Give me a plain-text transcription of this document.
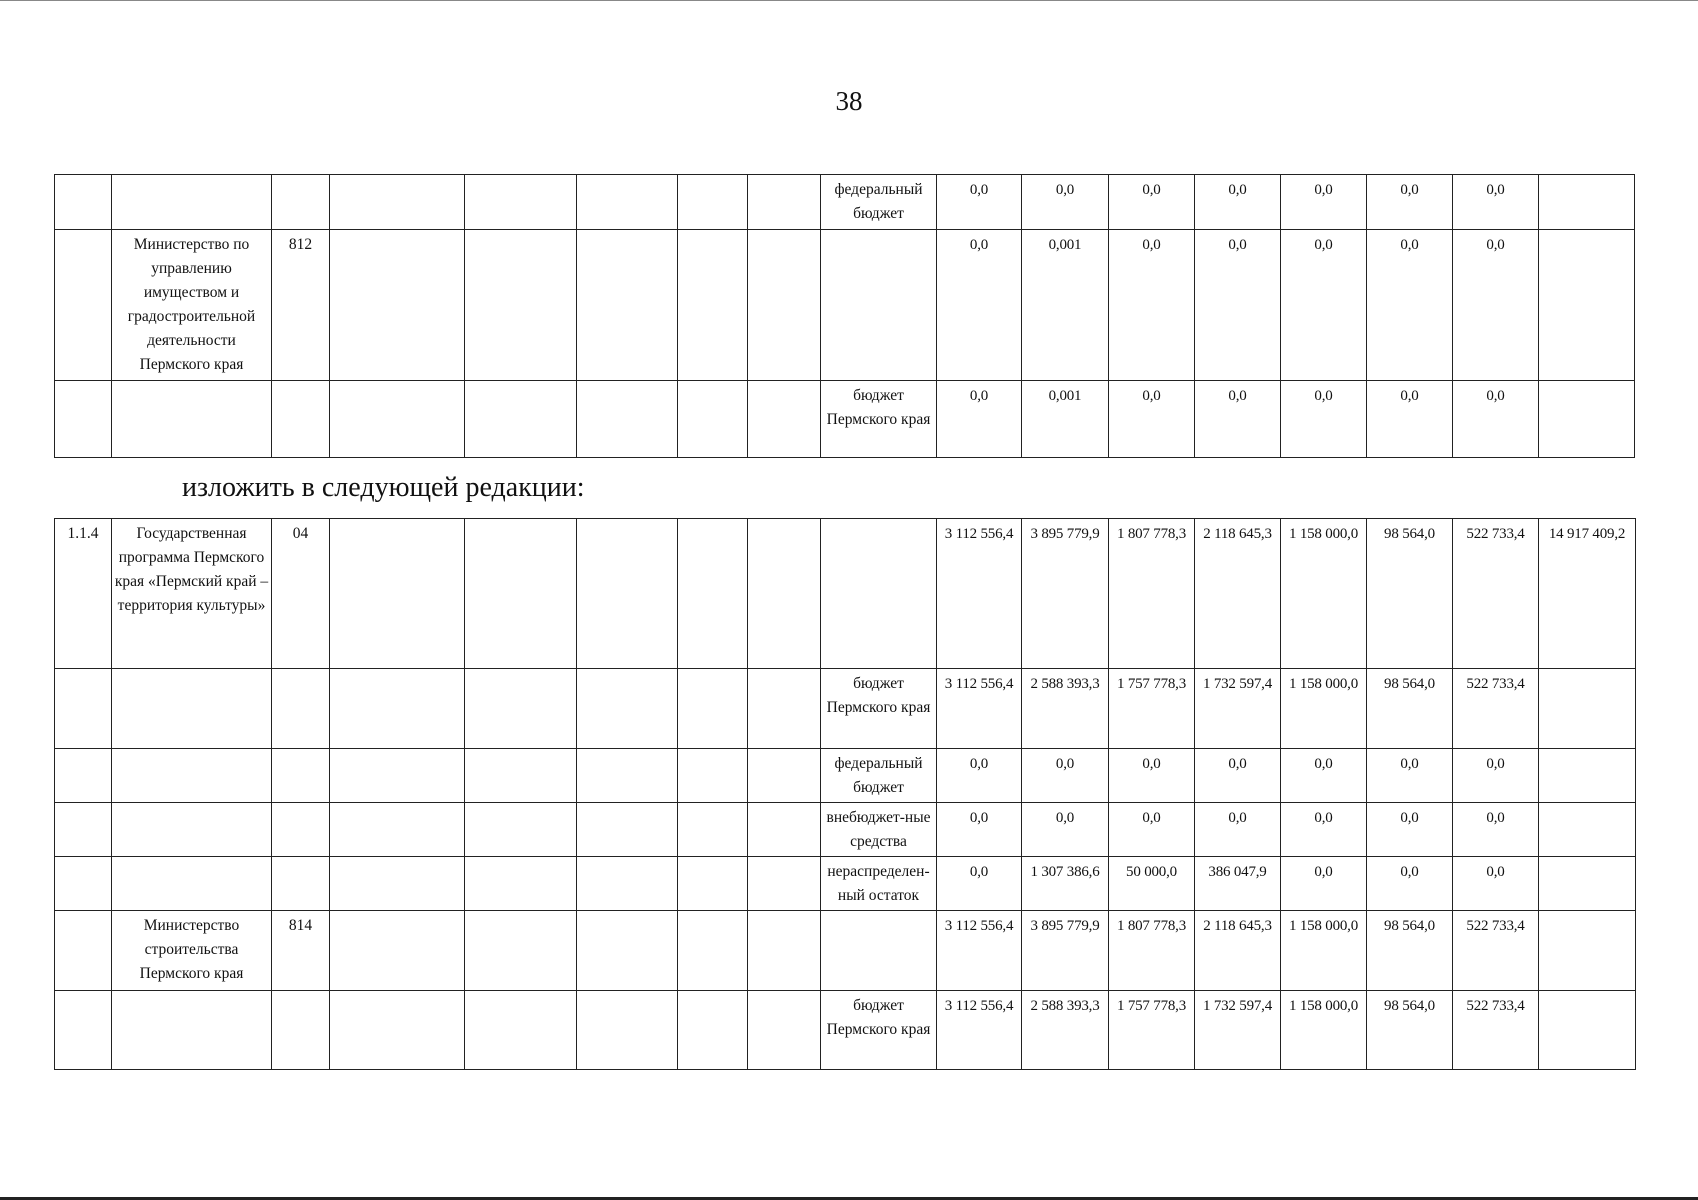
38
								федеральный бюджет	0,0	0,0	0,0	0,0	0,0	0,0	0,0	
	Министерство по управлению имуществом и градостроительной деятельности Пермского края	812							0,0	0,001	0,0	0,0	0,0	0,0	0,0	
								бюджет Пермского края	0,0	0,001	0,0	0,0	0,0	0,0	0,0	
изложить в следующей редакции:
1.1.4	Государственная программа Пермского края «Пермский край – территория культуры»	04							3 112 556,4	3 895 779,9	1 807 778,3	2 118 645,3	1 158 000,0	98 564,0	522 733,4	14 917 409,2
								бюджет Пермского края	3 112 556,4	2 588 393,3	1 757 778,3	1 732 597,4	1 158 000,0	98 564,0	522 733,4	
								федеральный бюджет	0,0	0,0	0,0	0,0	0,0	0,0	0,0	
								внебюджет-ные средства	0,0	0,0	0,0	0,0	0,0	0,0	0,0	
								нераспределен-ный остаток	0,0	1 307 386,6	50 000,0	386 047,9	0,0	0,0	0,0	
	Министерство строительства Пермского края	814							3 112 556,4	3 895 779,9	1 807 778,3	2 118 645,3	1 158 000,0	98 564,0	522 733,4	
								бюджет Пермского края	3 112 556,4	2 588 393,3	1 757 778,3	1 732 597,4	1 158 000,0	98 564,0	522 733,4	
